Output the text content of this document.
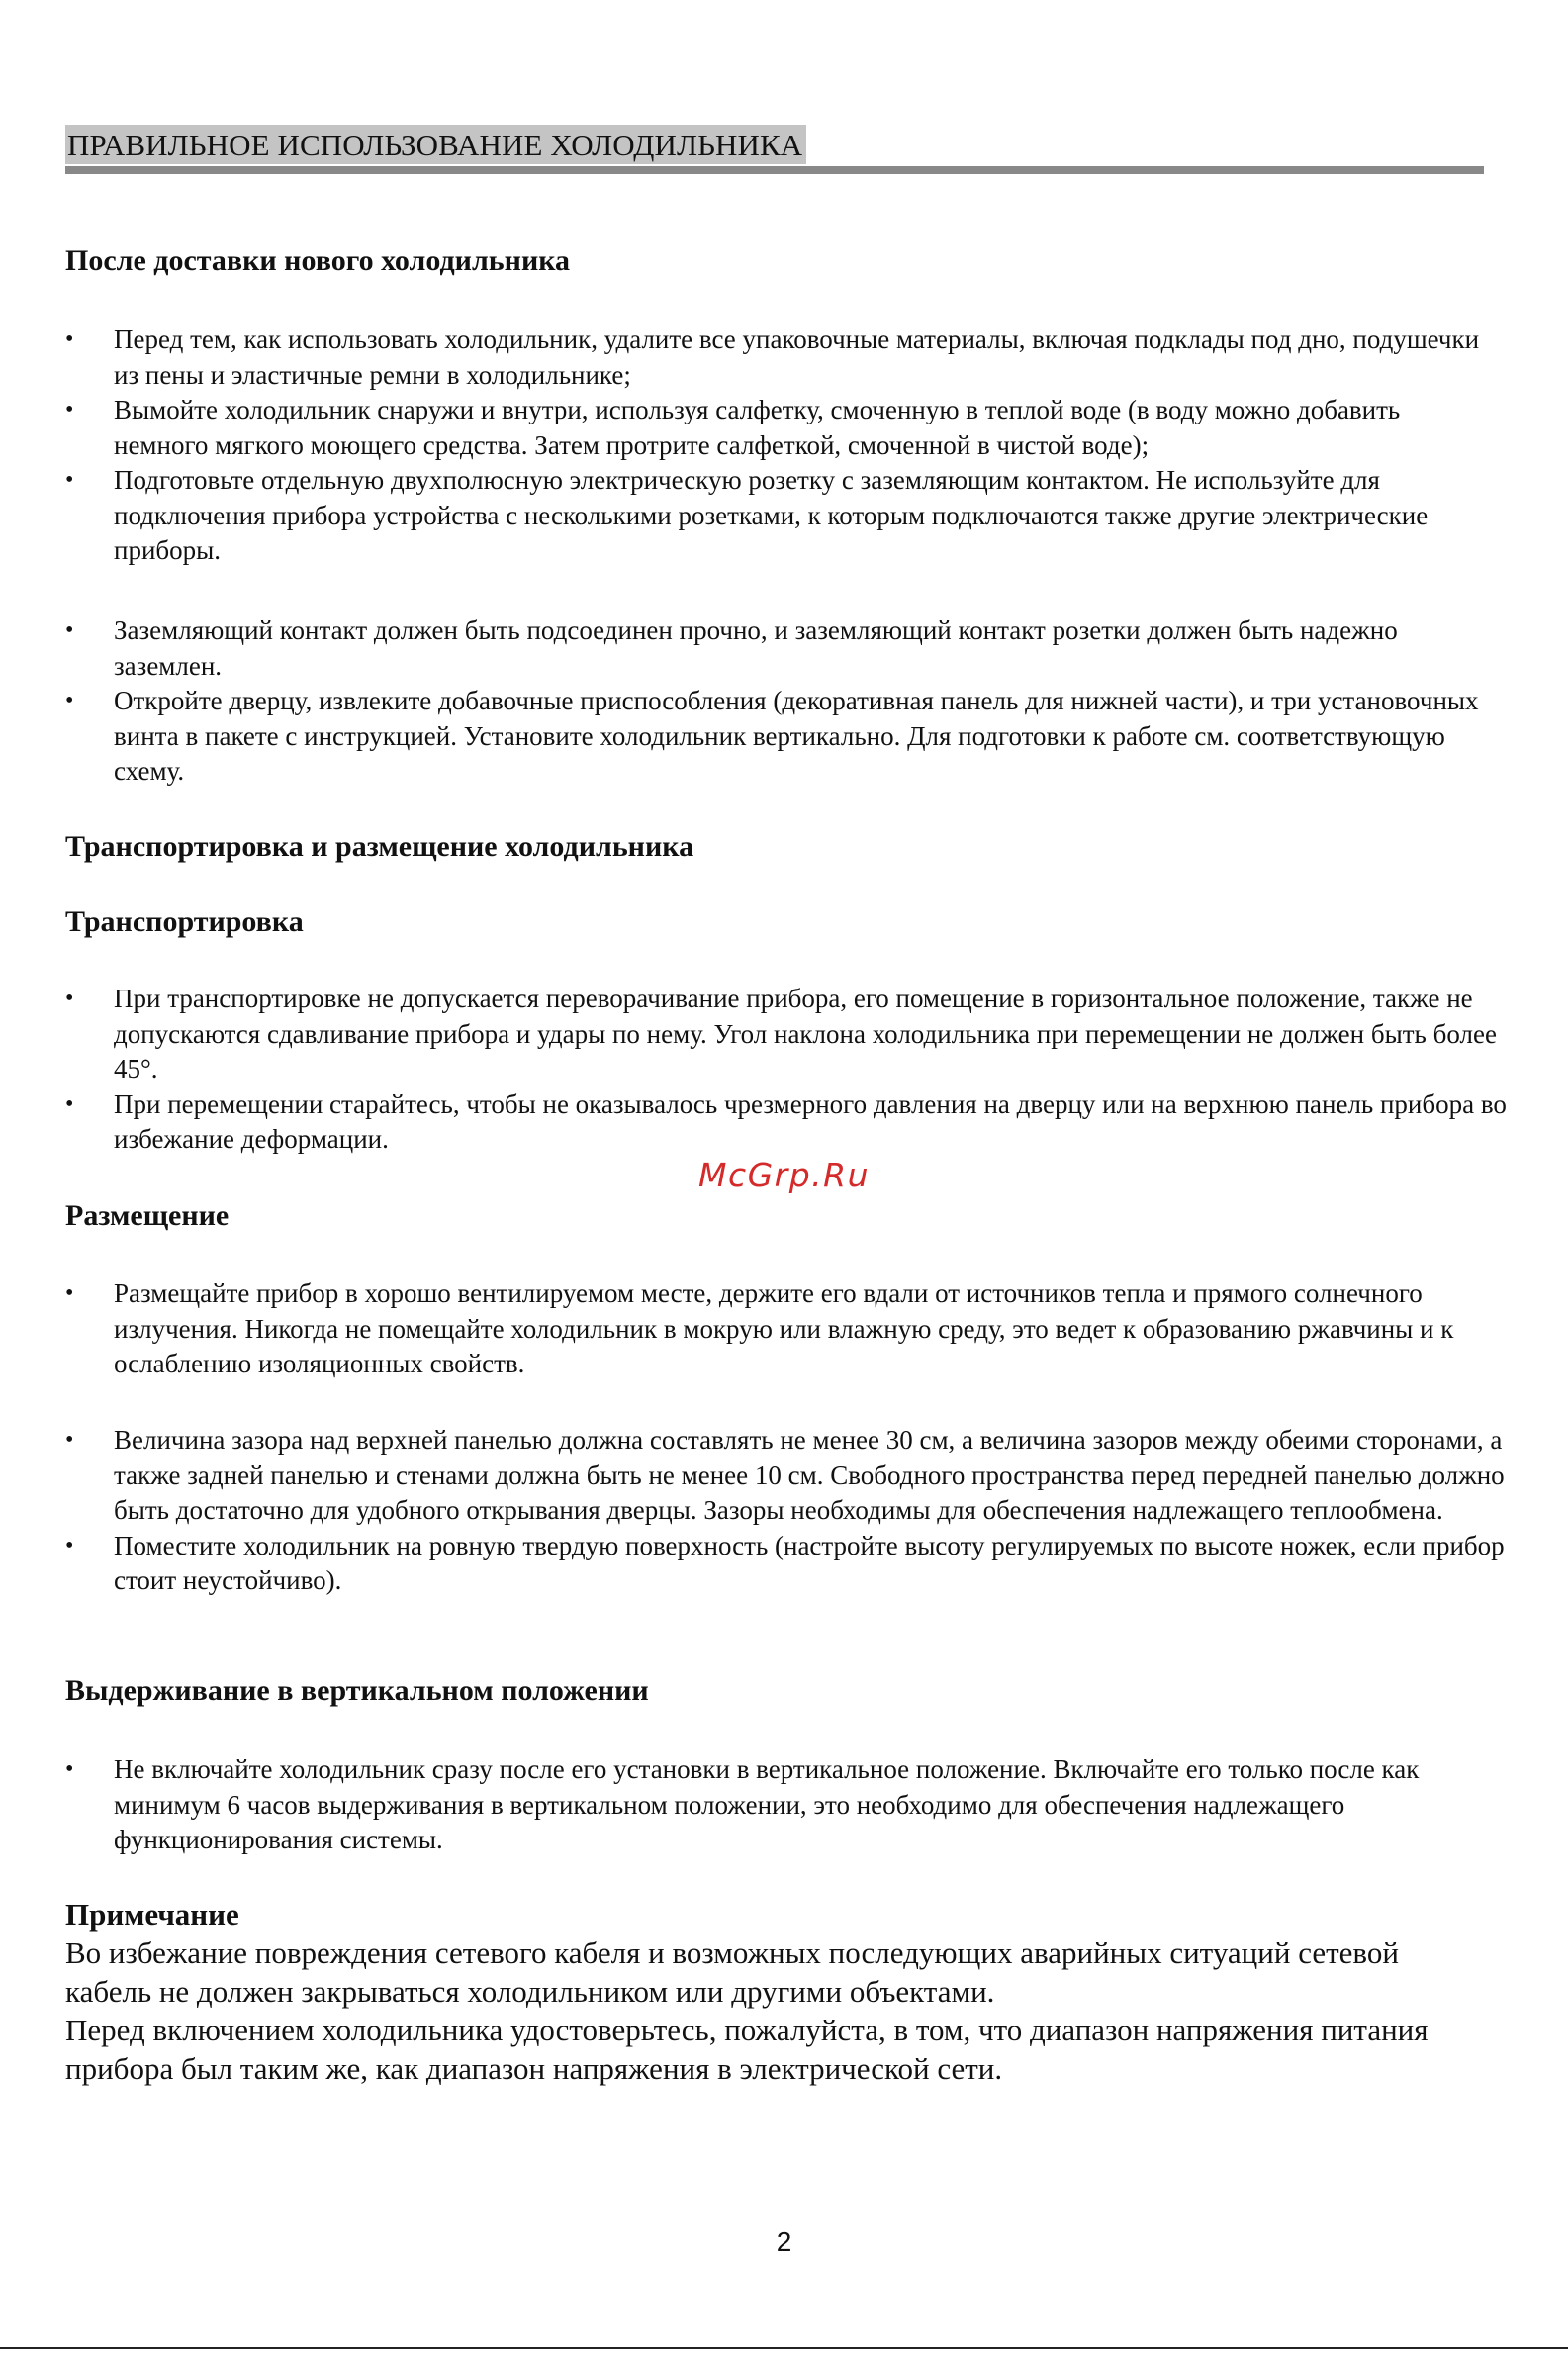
ПРАВИЛЬНОЕ ИСПОЛЬЗОВАНИЕ ХОЛОДИЛЬНИКА
После доставки нового холодильника
• Перед тем, как использовать холодильник, удалите все упаковочные материалы, включая подклады под дно, подушечки из пены и эластичные ремни в холодильнике;
• Вымойте холодильник снаружи и внутри, используя салфетку, смоченную в теплой воде (в воду можно добавить немного мягкого моющего средства. Затем протрите салфеткой, смоченной в чистой воде);
• Подготовьте отдельную двухполюсную электрическую розетку с заземляющим контактом. Не используйте для подключения прибора устройства с несколькими розетками, к которым подключаются также другие электрические приборы.
• Заземляющий контакт должен быть подсоединен прочно, и заземляющий контакт розетки должен быть надежно заземлен.
• Откройте дверцу, извлеките добавочные приспособления (декоративная панель для нижней части), и три установочных винта в пакете с инструкцией. Установите холодильник вертикально. Для подготовки к работе см. соответствующую схему.
Транспортировка и размещение холодильника
Транспортировка
• При транспортировке не допускается переворачивание прибора, его помещение в горизонтальное положение, также не допускаются сдавливание прибора и удары по нему. Угол наклона холодильника при перемещении не должен быть более 45°.
• При перемещении старайтесь, чтобы не оказывалось чрезмерного давления на дверцу или на верхнюю панель прибора во избежание деформации.
McGrp.Ru
Размещение
• Размещайте прибор в хорошо вентилируемом месте, держите его вдали от источников тепла и прямого солнечного излучения. Никогда не помещайте холодильник в мокрую или влажную среду, это ведет к образованию ржавчины и к ослаблению изоляционных свойств.
• Величина зазора над верхней панелью должна составлять не менее 30 см, а величина зазоров между обеими сторонами, а также задней панелью и стенами должна быть не менее 10 см. Свободного пространства перед передней панелью должно быть достаточно для удобного открывания дверцы. Зазоры необходимы для обеспечения надлежащего теплообмена.
• Поместите холодильник на ровную твердую поверхность (настройте высоту регулируемых по высоте ножек, если прибор стоит неустойчиво).
Выдерживание в вертикальном положении
• Не включайте холодильник сразу после его установки в вертикальное положение. Включайте его только после как минимум 6 часов выдерживания в вертикальном положении, это необходимо для обеспечения надлежащего функционирования системы.
Примечание

Во избежание повреждения сетевого кабеля и возможных последующих аварийных ситуаций сетевой кабель не должен закрываться холодильником или другими объектами.

Перед включением холодильника удостоверьтесь, пожалуйста, в том, что диапазон напряжения питания прибора был таким же, как диапазон напряжения в электрической сети.

2
